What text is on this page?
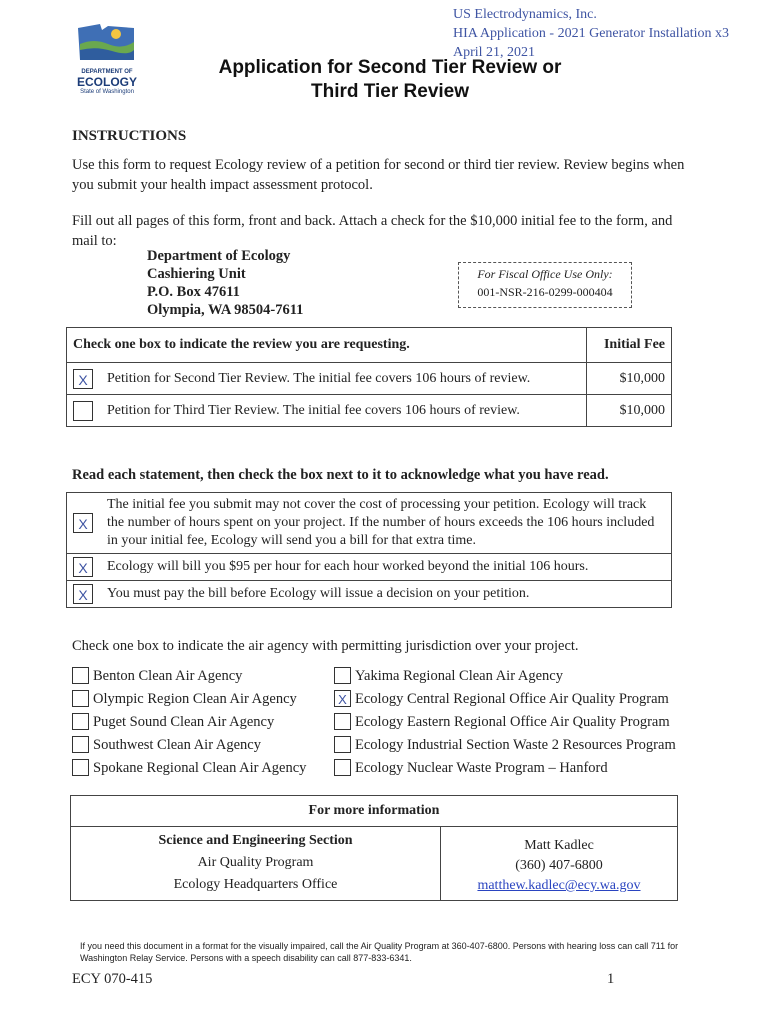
US Electrodynamics, Inc.
HIA Application - 2021 Generator Installation x3
April 21, 2021
DEPARTMENT OF
ECOLOGY
State of Washington
Application for Second Tier Review or
Third Tier Review
INSTRUCTIONS
Use this form to request Ecology review of a petition for second or third tier review. Review begins when you submit your health impact assessment protocol.
Fill out all pages of this form, front and back. Attach a check for the $10,000 initial fee to the form, and mail to:
Department of Ecology
Cashiering Unit
P.O. Box 47611
Olympia, WA 98504-7611
For Fiscal Office Use Only:
001-NSR-216-0299-000404
Check one box to indicate the review you are requesting.		Initial Fee
X	Petition for Second Tier Review. The initial fee covers 106 hours of review.	$10,000
	Petition for Third Tier Review. The initial fee covers 106 hours of review.	$10,000
Read each statement, then check the box next to it to acknowledge what you have read.
X	The initial fee you submit may not cover the cost of processing your petition. Ecology will track the number of hours spent on your project. If the number of hours exceeds the 106 hours included in your initial fee, Ecology will send you a bill for that extra time.
X	Ecology will bill you $95 per hour for each hour worked beyond the initial 106 hours.
X	You must pay the bill before Ecology will issue a decision on your petition.
Check one box to indicate the air agency with permitting jurisdiction over your project.
Benton Clean Air Agency
Olympic Region Clean Air Agency
Puget Sound Clean Air Agency
Southwest Clean Air Agency
Spokane Regional Clean Air Agency
Yakima Regional Clean Air Agency
X Ecology Central Regional Office Air Quality Program
Ecology Eastern Regional Office Air Quality Program
Ecology Industrial Section Waste 2 Resources Program
Ecology Nuclear Waste Program – Hanford
For more information
Science and Engineering Section
Air Quality Program
Ecology Headquarters Office
Matt Kadlec
(360) 407-6800
matthew.kadlec@ecy.wa.gov
If you need this document in a format for the visually impaired, call the Air Quality Program at 360-407-6800. Persons with hearing loss can call 711 for Washington Relay Service. Persons with a speech disability can call 877-833-6341.
ECY 070-415	1
